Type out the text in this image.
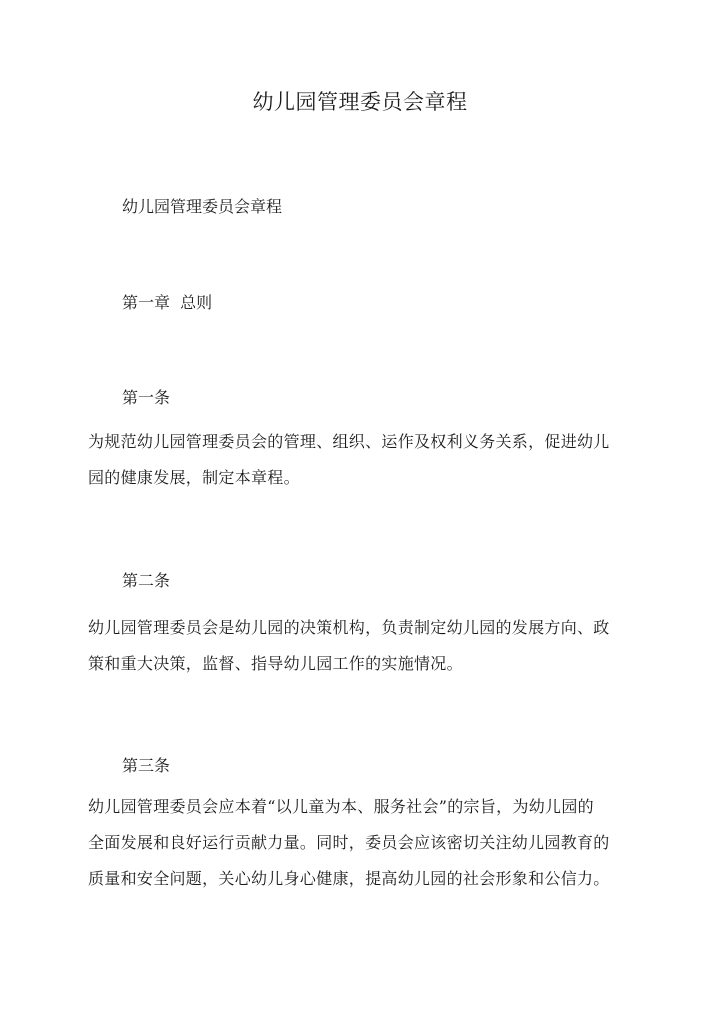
幼儿园管理委员会章程
幼儿园管理委员会章程
第一章  总则
第一条
为规范幼儿园管理委员会的管理、组织、运作及权利义务关系，促进幼儿
园的健康发展，制定本章程。
第二条
幼儿园管理委员会是幼儿园的决策机构，负责制定幼儿园的发展方向、政
策和重大决策，监督、指导幼儿园工作的实施情况。
第三条
幼儿园管理委员会应本着“以儿童为本、服务社会”的宗旨，为幼儿园的
全面发展和良好运行贡献力量。同时，委员会应该密切关注幼儿园教育的
质量和安全问题，关心幼儿身心健康，提高幼儿园的社会形象和公信力。
